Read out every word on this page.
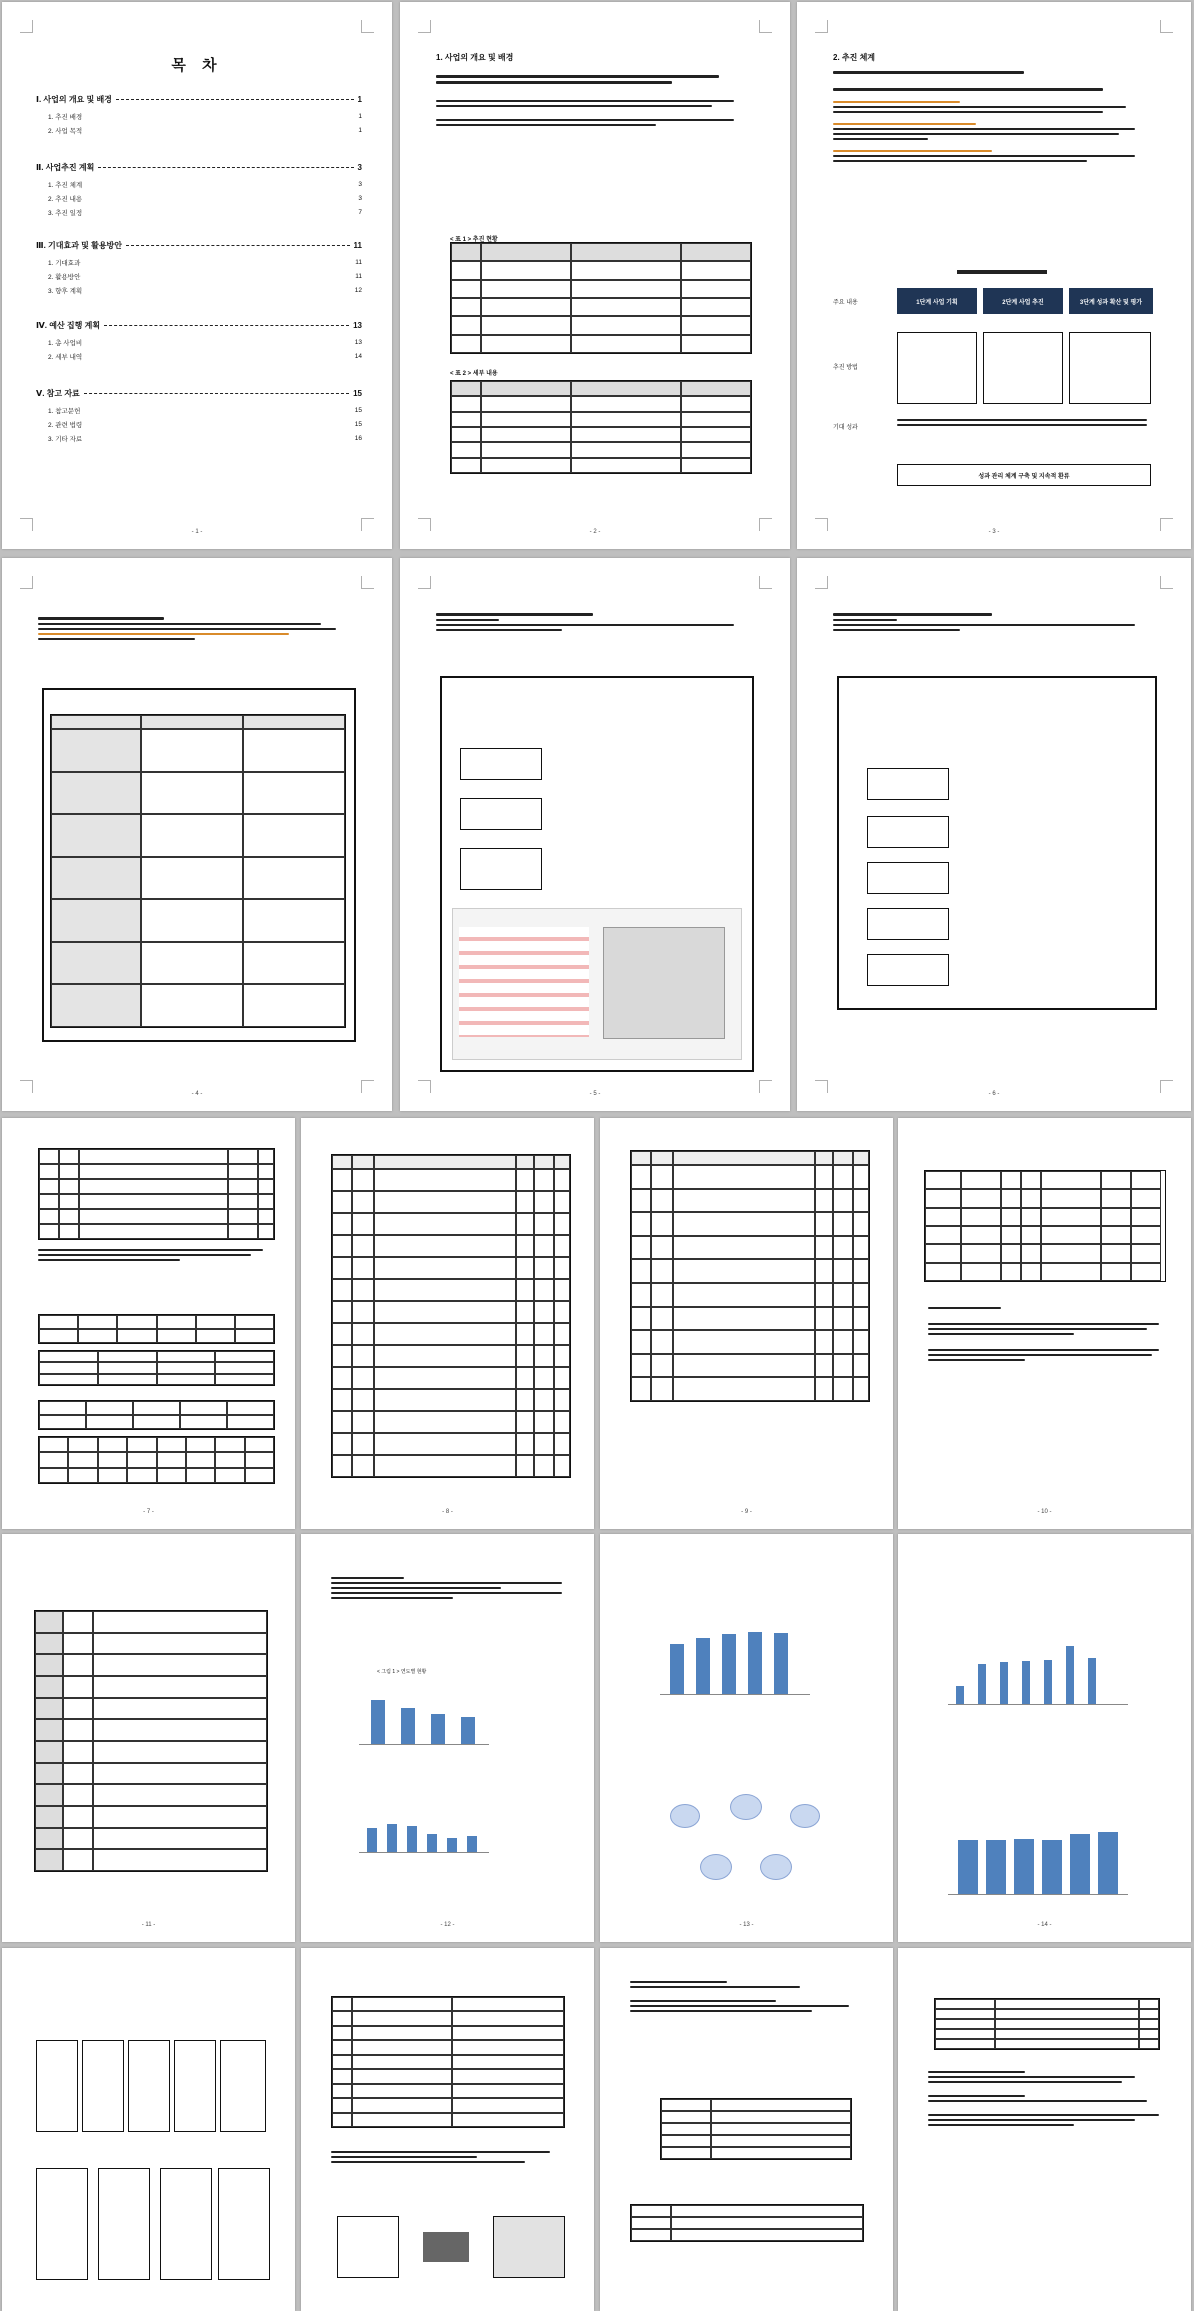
목 차
Ⅰ. 사업의 개요 및 배경	1
1. 추진 배경	1
2. 사업 목적	1
Ⅱ. 사업추진 계획	3
1. 추진 체계	3
2. 추진 내용	3
3. 추진 일정	7
Ⅲ. 기대효과 및 활용방안	11
1. 기대효과	11
2. 활용방안	11
3. 향후 계획	12
Ⅳ. 예산 집행 계획	13
1. 총 사업비	13
2. 세부 내역	14
Ⅴ. 참고 자료	15
1. 참고문헌	15
2. 관련 법령	15
3. 기타 자료	16
- 1 -
1. 사업의 개요 및 배경
< 표 1 > 추진 현황
< 표 2 > 세부 내용
- 2 -
2. 추진 체계
1단계 사업 기획	2단계 사업 추진	3단계 성과 확산 및 평가
주요 내용
추진 방법
기대 성과
성과 관리 체계 구축 및 지속적 환류
- 3 -
- 4 -	- 5 -	- 6 -
- 7 -	- 8 -	- 9 -	- 10 -
- 11 -
< 그림 1 > 연도별 현황
- 12 -	- 13 -	- 14 -
